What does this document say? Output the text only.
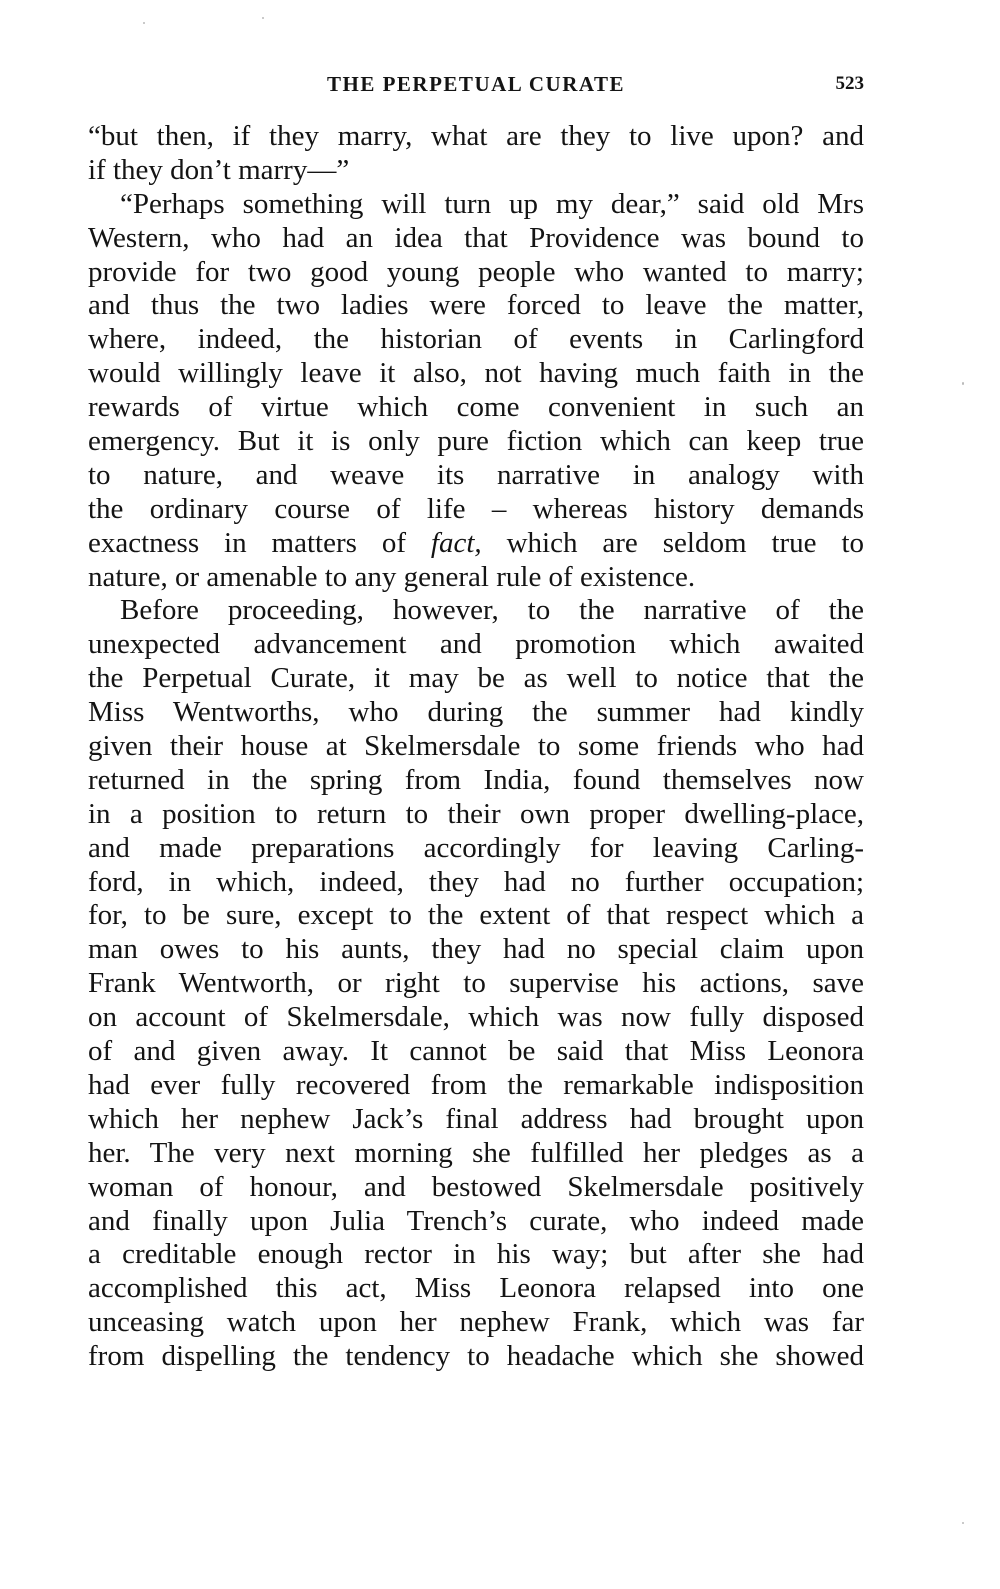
THE PERPETUAL CURATE	523
“but then, if they marry, what are they to live upon? and
if they don’t marry—”
“Perhaps something will turn up my dear,” said old Mrs
Western, who had an idea that Providence was bound to
provide for two good young people who wanted to marry;
and thus the two ladies were forced to leave the matter,
where, indeed, the historian of events in Carlingford
would willingly leave it also, not having much faith in the
rewards of virtue which come convenient in such an
emergency. But it is only pure fiction which can keep true
to nature, and weave its narrative in analogy with
the ordinary course of life – whereas history demands
exactness in matters of fact, which are seldom true to
nature, or amenable to any general rule of existence.
Before proceeding, however, to the narrative of the
unexpected advancement and promotion which awaited
the Perpetual Curate, it may be as well to notice that the
Miss Wentworths, who during the summer had kindly
given their house at Skelmersdale to some friends who had
returned in the spring from India, found themselves now
in a position to return to their own proper dwelling-place,
and made preparations accordingly for leaving Carling-
ford, in which, indeed, they had no further occupation;
for, to be sure, except to the extent of that respect which a
man owes to his aunts, they had no special claim upon
Frank Wentworth, or right to supervise his actions, save
on account of Skelmersdale, which was now fully disposed
of and given away. It cannot be said that Miss Leonora
had ever fully recovered from the remarkable indisposition
which her nephew Jack’s final address had brought upon
her. The very next morning she fulfilled her pledges as a
woman of honour, and bestowed Skelmersdale positively
and finally upon Julia Trench’s curate, who indeed made
a creditable enough rector in his way; but after she had
accomplished this act, Miss Leonora relapsed into one
unceasing watch upon her nephew Frank, which was far
from dispelling the tendency to headache which she showed
